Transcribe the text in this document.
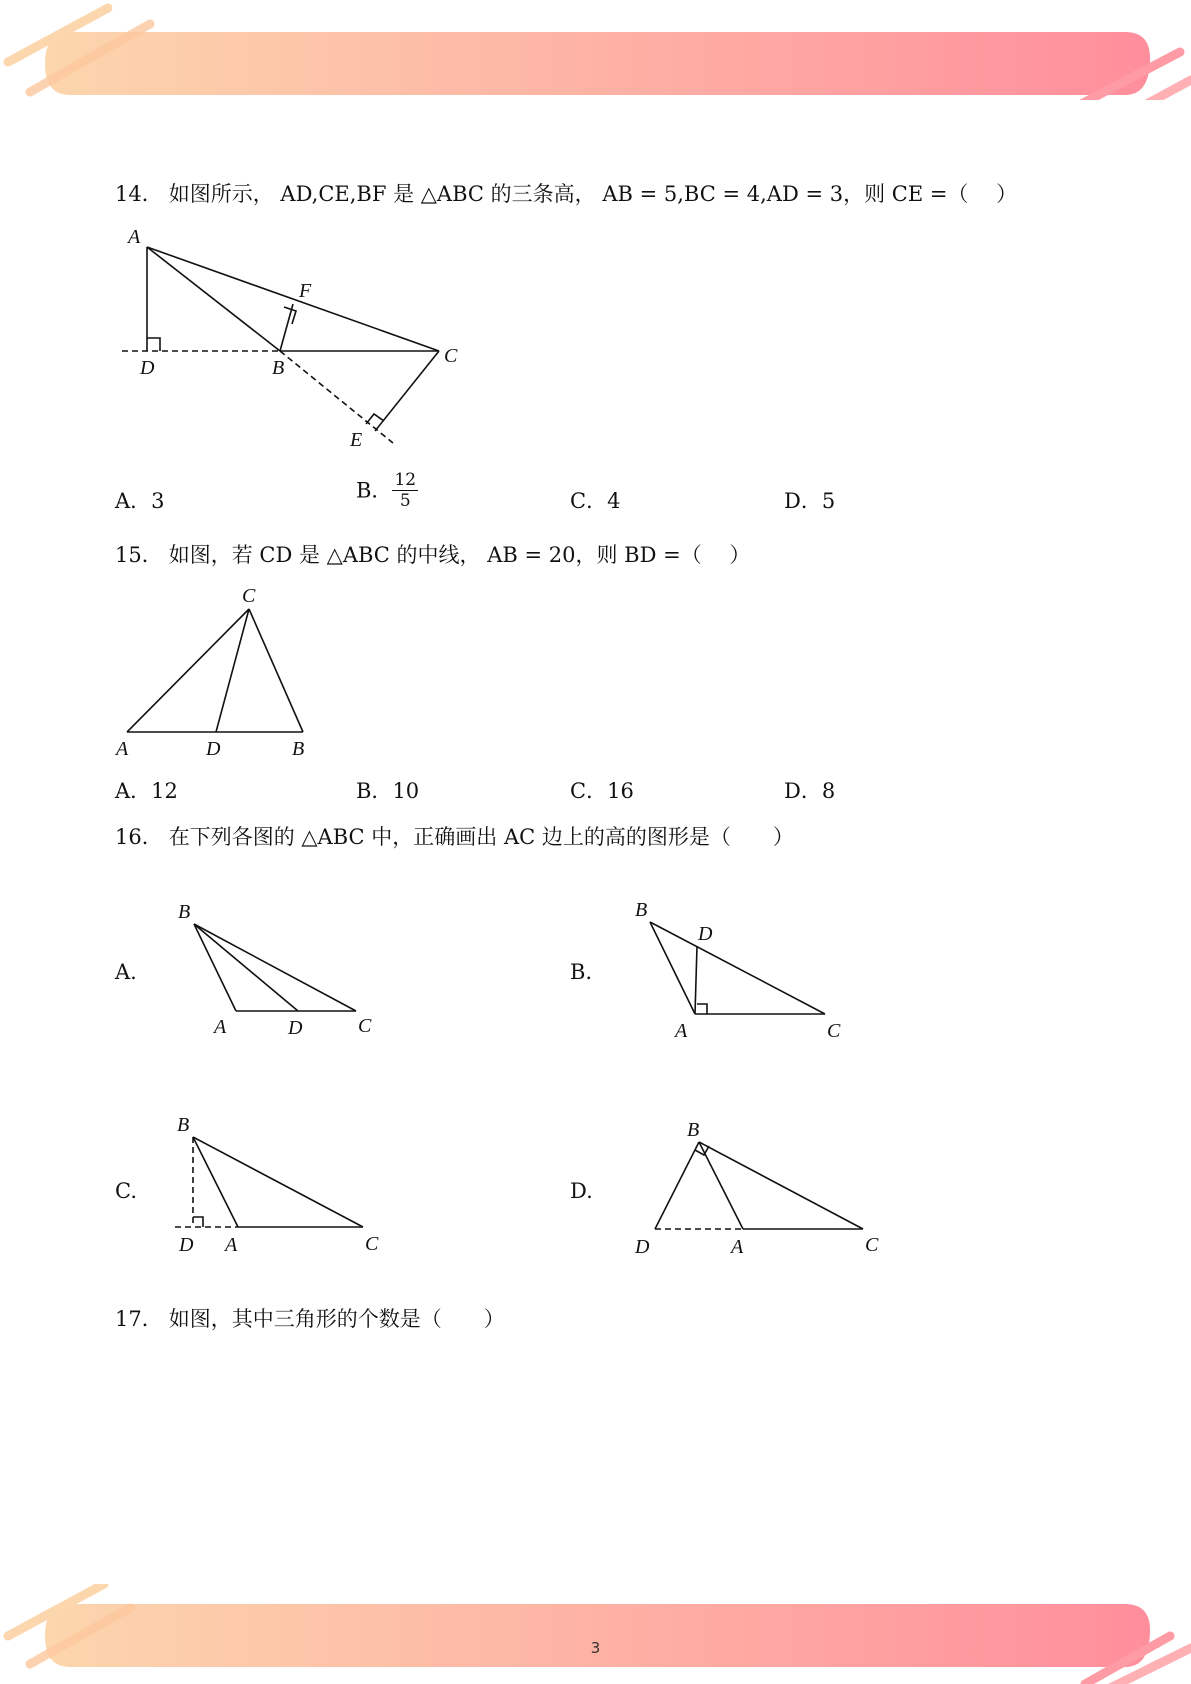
14． 如图所示， AD,CE,BF 是 △ABC 的三条高， AB = 5,BC = 4,AD = 3，则 CE =（　 ）
A
F
D	B
C
E
A．3	B． $\frac{12}{5}$	C．4	D．5
15． 如图，若 CD 是 △ABC 的中线， AB = 20，则 BD =（　 ）
C
A	D	B
A．12	B．10	C．16	D．8
16． 在下列各图的 △ABC 中，正确画出 AC 边上的高的图形是（　　）
A.
B
A	D	C
B.
B
D
A	C
C.
B
D A	C
D.
B
D	A	C
17． 如图，其中三角形的个数是（　　）
3
